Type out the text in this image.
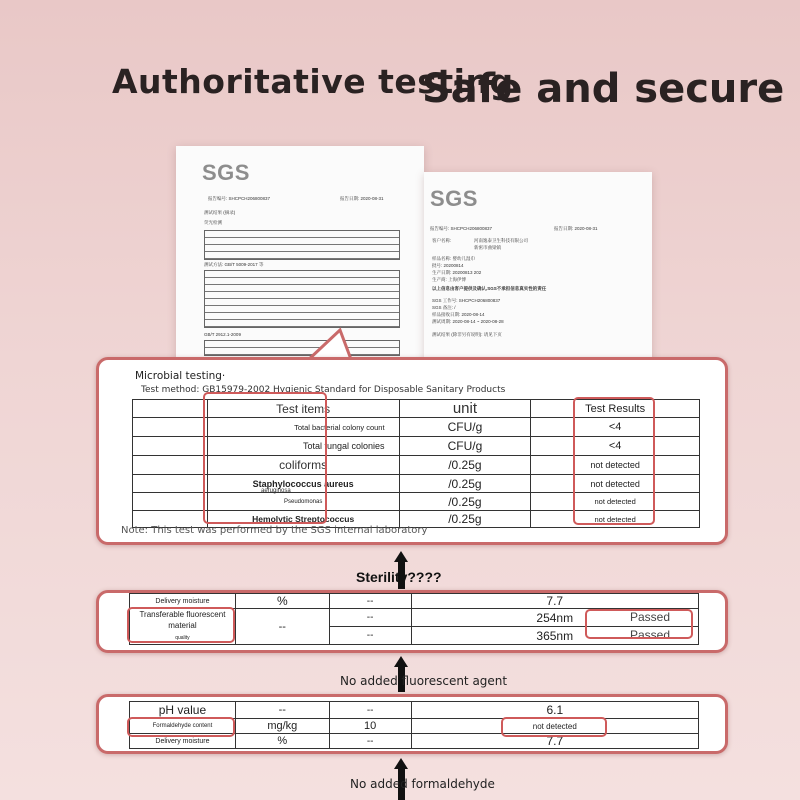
Authoritative testing
Safe and secure
SGS
报告编号: SHCPCH206800837	报告日期: 2020-08-31
测试结果 (摘录)
荧光检测
测试方法: GB/T 5009-2017 等
GB/T 2912.1-2009
SGS
报告编号: SHCPCH206800837	报告日期: 2020-08-31
客户名称:	河南逸泰卫生科技有限公司
新密市曲梁镇
样品名称: 婴幼儿湿巾
批号: 20200814
生产日期: 20200813 202
生产商: 上海伊博
以上信息由客户提供及确认,SGS不承担信息真实性的责任
SGS 工作号: SHCPCH206800837
SGS 备注: /
样品接收日期: 2020-08-14
测试周期: 2020-08-14 ~ 2020-08-28
测试结果 (除非另有说明): 请见下页
Microbial testing·
Test method: GB15979-2002 Hygienic Standard for Disposable Sanitary Products
	Test items	unit	Test Results
	Total bacterial colony count	CFU/g	<4
	Total fungal colonies	CFU/g	<4
	coliforms	/0.25g	not detected
	Staphylococcus aureus	/0.25g	not detected
	Pseudomonas	/0.25g	not detected
	Hemolytic Streptococcus	/0.25g	not detected
aeruginosa
Note: This test was performed by the SGS internal laboratory
Sterility????
Delivery moisture	%	--	7.7
Transferable fluorescent material
quality	--	--	254nm Passed

		--	365nm Passed
No added fluorescent agent
pH value	--	--	6.1
Formaldehyde content	mg/kg	10	not detected
Delivery moisture	%	--	7.7
No added formaldehyde
